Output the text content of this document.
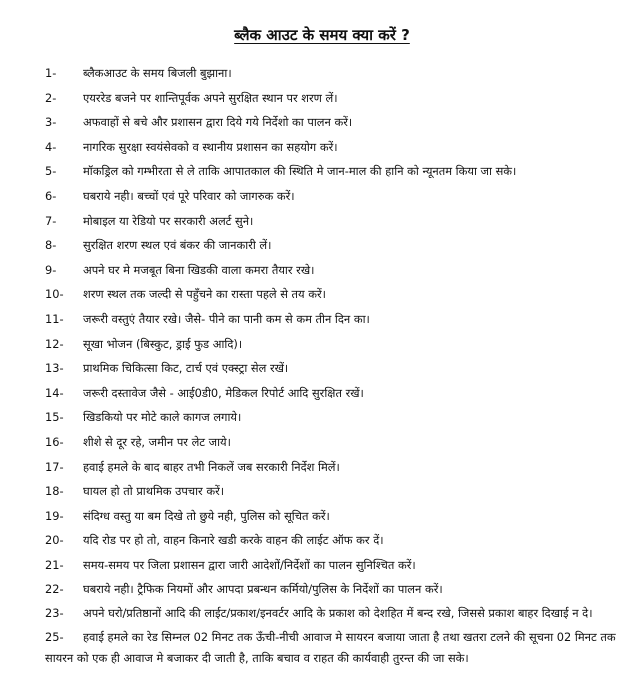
ब्लैक आउट के समय क्या करें ?
1-	ब्लैकआउट के समय बिजली बुझाना।
2-	एयररेड बजने पर शान्तिपूर्वक अपने सुरक्षित स्थान पर शरण लें।
3-	अफवाहों से बचे और प्रशासन द्वारा दिये गये निर्देशो का पालन करें।
4-	नागरिक सुरक्षा स्वयंसेवको व स्थानीय प्रशासन का सहयोग करें।
5-	मॉकड्रिल को गम्भीरता से ले ताकि आपातकाल की स्थिति मे जान-माल की हानि को न्यूनतम किया जा सके।
6-	घबराये नही। बच्चों एवं पूरे परिवार को जागरुक करें।
7-	मोबाइल या रेडियो पर सरकारी अलर्ट सुने।
8-	सुरक्षित शरण स्थल एवं बंकर की जानकारी लें।
9-	अपने घर मे मजबूत बिना खिडकी वाला कमरा तैयार रखे।
10-	शरण स्थल तक जल्दी से पहुँचने का रास्ता पहले से तय करें।
11-	जरूरी वस्तुएं तैयार रखे। जैसे- पीने का पानी कम से कम तीन दिन का।
12-	सूखा भोजन (बिस्कुट, ड्राई फुड आदि)।
13-	प्राथमिक चिकित्सा किट, टार्च एवं एक्स्ट्रा सेल रखें।
14-	जरूरी दस्तावेज जैसे - आई0डी0, मेडिकल रिपोर्ट आदि सुरक्षित रखें।
15-	खिडकियो पर मोटे काले कागज लगाये।
16-	शीशे से दूर रहे, जमीन पर लेट जाये।
17-	हवाई हमले के बाद बाहर तभी निकलें जब सरकारी निर्देश मिलें।
18-	घायल हो तो प्राथमिक उपचार करें।
19-	संदिग्ध वस्तु या बम दिखे तो छुये नही, पुलिस को सूचित करें।
20-	यदि रोड पर हो तो, वाहन किनारे खडी करके वाहन की लाईट ऑफ कर दें।
21-	समय-समय पर जिला प्रशासन द्वारा जारी आदेशों/निर्देशों का पालन सुनिश्चित करें।
22-	घबराये नही। ट्रैफिक नियमों और आपदा प्रबन्धन कर्मियो/पुलिस के निर्देशों का पालन करें।
23-	अपने घरो/प्रतिष्ठानों आदि की लाईट/प्रकाश/इनवर्टर आदि के प्रकाश को देशहित में बन्द रखे, जिससे प्रकाश बाहर दिखाई न दे।
25-	हवाई हमले का रेड सिम्नल 02 मिनट तक ऊँची-नीची आवाज मे सायरन बजाया जाता है तथा खतरा टलने की सूचना 02 मिनट तक सायरन को एक ही आवाज मे बजाकर दी जाती है, ताकि बचाव व राहत की कार्यवाही तुरन्त की जा सके।
